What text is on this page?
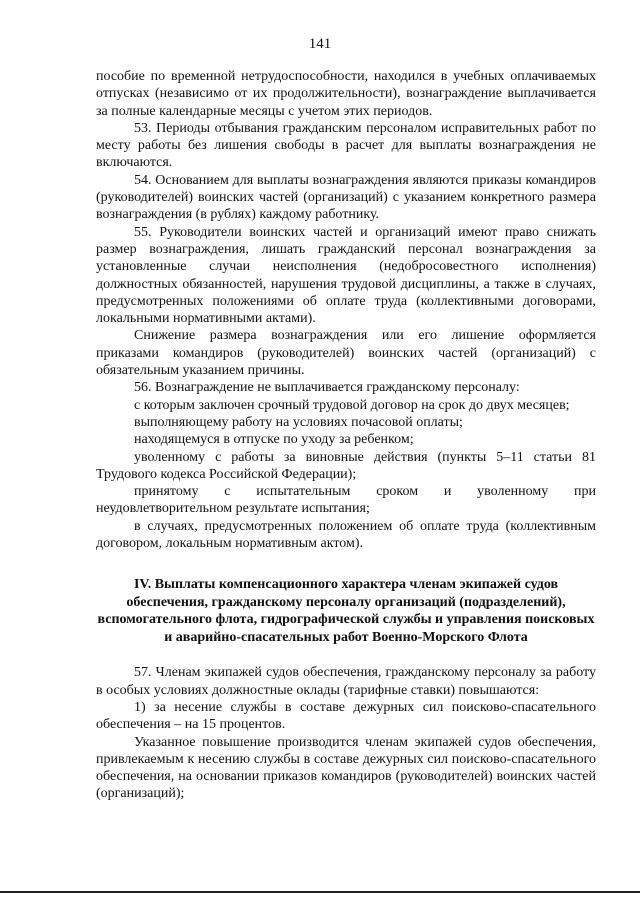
141

пособие по временной нетрудоспособности, находился в учебных оплачиваемых отпусках (независимо от их продолжительности), вознаграждение выплачивается за полные календарные месяцы с учетом этих периодов.

53. Периоды отбывания гражданским персоналом исправительных работ по месту работы без лишения свободы в расчет для выплаты вознаграждения не включаются.

54. Основанием для выплаты вознаграждения являются приказы командиров (руководителей) воинских частей (организаций) с указанием конкретного размера вознаграждения (в рублях) каждому работнику.

55. Руководители воинских частей и организаций имеют право снижать размер вознаграждения, лишать гражданский персонал вознаграждения за установленные случаи неисполнения (недобросовестного исполнения) должностных обязанностей, нарушения трудовой дисциплины, а также в случаях, предусмотренных положениями об оплате труда (коллективными договорами, локальными нормативными актами).

Снижение размера вознаграждения или его лишение оформляется приказами командиров (руководителей) воинских частей (организаций) с обязательным указанием причины.

56. Вознаграждение не выплачивается гражданскому персоналу:

с которым заключен срочный трудовой договор на срок до двух месяцев;

выполняющему работу на условиях почасовой оплаты;

находящемуся в отпуске по уходу за ребенком;

уволенному с работы за виновные действия (пункты 5–11 статьи 81 Трудового кодекса Российской Федерации);

принятому с испытательным сроком и уволенному при неудовлетворительном результате испытания;

в случаях, предусмотренных положением об оплате труда (коллективным договором, локальным нормативным актом).

IV. Выплаты компенсационного характера членам экипажей судов обеспечения, гражданскому персоналу организаций (подразделений), вспомогательного флота, гидрографической службы и управления поисковых и аварийно-спасательных работ Военно-Морского Флота

57. Членам экипажей судов обеспечения, гражданскому персоналу за работу в особых условиях должностные оклады (тарифные ставки) повышаются:

1) за несение службы в составе дежурных сил поисково-спасательного обеспечения – на 15 процентов.

Указанное повышение производится членам экипажей судов обеспечения, привлекаемым к несению службы в составе дежурных сил поисково-спасательного обеспечения, на основании приказов командиров (руководителей) воинских частей (организаций);
